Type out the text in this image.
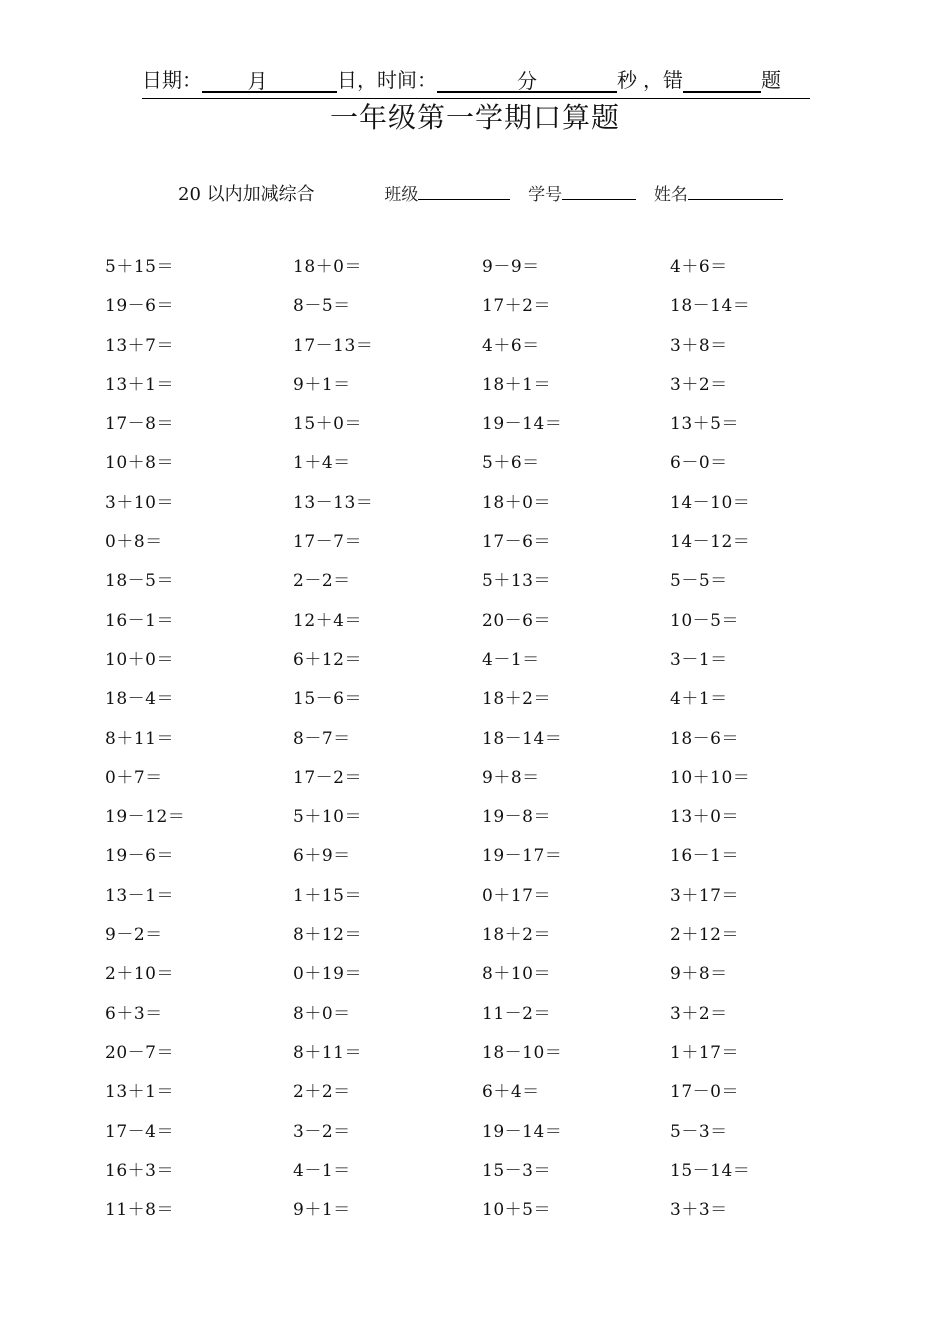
日期： 月	日，时间：	分	秒 ，错	题
一年级第一学期口算题
20 以内加减综合	班级	学号	姓名
5＋15＝	18＋0＝	9－9＝	4＋6＝
19－6＝	8－5＝	17＋2＝	18－14＝
13＋7＝	17－13＝	4＋6＝	3＋8＝
13＋1＝	9＋1＝	18＋1＝	3＋2＝
17－8＝	15＋0＝	19－14＝	13＋5＝
10＋8＝	1＋4＝	5＋6＝	6－0＝
3＋10＝	13－13＝	18＋0＝	14－10＝
0＋8＝	17－7＝	17－6＝	14－12＝
18－5＝	2－2＝	5＋13＝	5－5＝
16－1＝	12＋4＝	20－6＝	10－5＝
10＋0＝	6＋12＝	4－1＝	3－1＝
18－4＝	15－6＝	18＋2＝	4＋1＝
8＋11＝	8－7＝	18－14＝	18－6＝
0＋7＝	17－2＝	9＋8＝	10＋10＝
19－12＝	5＋10＝	19－8＝	13＋0＝
19－6＝	6＋9＝	19－17＝	16－1＝
13－1＝	1＋15＝	0＋17＝	3＋17＝
9－2＝	8＋12＝	18＋2＝	2＋12＝
2＋10＝	0＋19＝	8＋10＝	9＋8＝
6＋3＝	8＋0＝	11－2＝	3＋2＝
20－7＝	8＋11＝	18－10＝	1＋17＝
13＋1＝	2＋2＝	6＋4＝	17－0＝
17－4＝	3－2＝	19－14＝	5－3＝
16＋3＝	4－1＝	15－3＝	15－14＝
11＋8＝	9＋1＝	10＋5＝	3＋3＝
